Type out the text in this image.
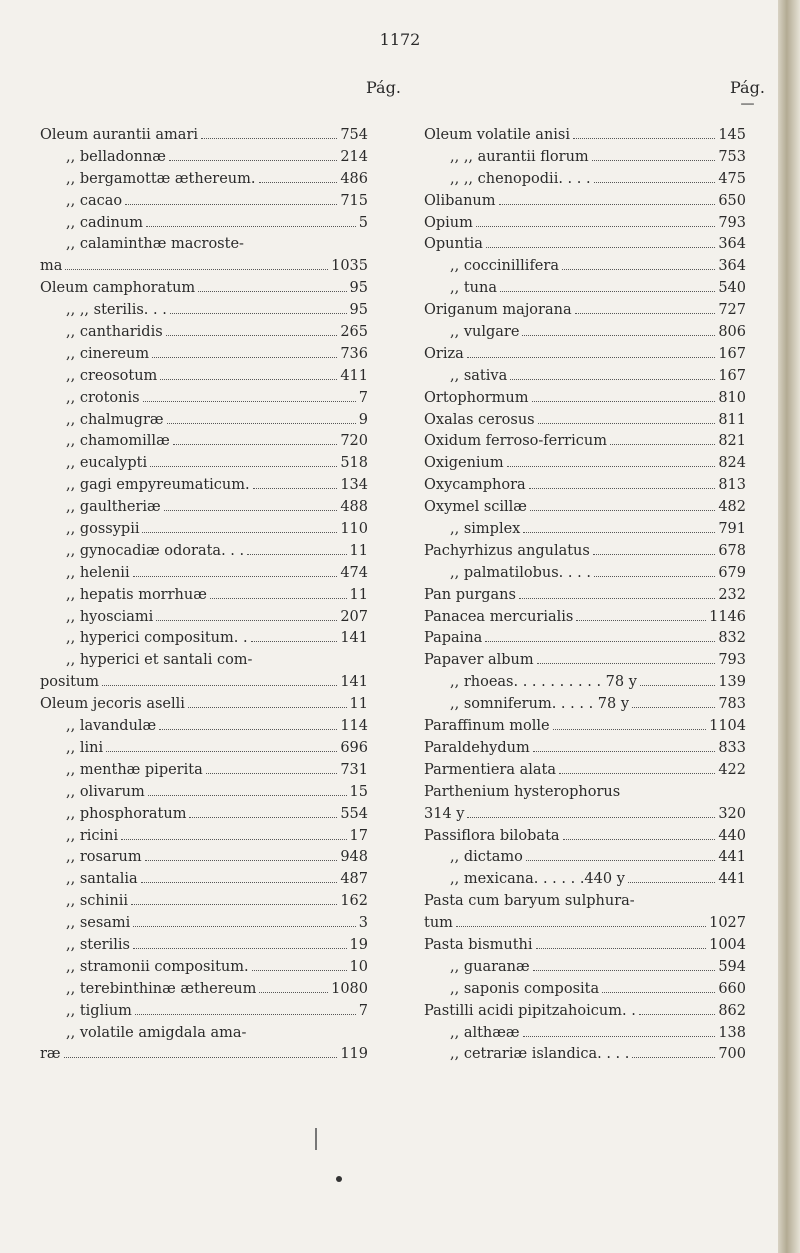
1172
Pág.	Pág.
—
Oleum aurantii amari	754
,, belladonnæ	214
,, bergamottæ æthereum.	486
,, cacao	715
,, cadinum	5
,, calaminthæ macroste-
ma	1035
Oleum camphoratum	95
,, ,, sterilis. . .	95
,, cantharidis	265
,, cinereum	736
,, creosotum	411
,, crotonis	7
,, chalmugræ	9
,, chamomillæ	720
,, eucalypti	518
,, gagi empyreumaticum.	134
,, gaultheriæ	488
,, gossypii	110
,, gynocadiæ odorata. . .	11
,, helenii	474
,, hepatis morrhuæ	11
,, hyosciami	207
,, hyperici compositum. .	141
,, hyperici et santali com-
positum	141
Oleum jecoris aselli	11
,, lavandulæ	114
,, lini	696
,, menthæ piperita	731
,, olivarum	15
,, phosphoratum	554
,, ricini	17
,, rosarum	948
,, santalia	487
,, schinii	162
,, sesami	3
,, sterilis	19
,, stramonii compositum.	10
,, terebinthinæ æthereum	1080
,, tiglium	7
,, volatile amigdala ama-
ræ	119
Oleum volatile anisi	145
,, ,, aurantii florum	753
,, ,, chenopodii. . . .	475
Olibanum	650
Opium	793
Opuntia	364
,, coccinillifera	364
,, tuna	540
Origanum majorana	727
,, vulgare	806
Oriza	167
,, sativa	167
Ortophormum	810
Oxalas cerosus	811
Oxidum ferroso-ferricum	821
Oxigenium	824
Oxycamphora	813
Oxymel scillæ	482
,, simplex	791
Pachyrhizus angulatus	678
,, palmatilobus. . . .	679
Pan purgans	232
Panacea mercurialis	1146
Papaina	832
Papaver album	793
,, rhoeas. . . . . . . . . . 78 y	139
,, somniferum. . . . . 78 y	783
Paraffinum molle	1104
Paraldehydum	833
Parmentiera alata	422
Parthenium hysterophorus
314 y	320
Passiflora bilobata	440
,, dictamo	441
,, mexicana. . . . . .440 y	441
Pasta cum baryum sulphura-
tum	1027
Pasta bismuthi	1004
,, guaranæ	594
,, saponis composita	660
Pastilli acidi pipitzahoicum. .	862
,, althææ	138
,, cetrariæ islandica. . . .	700
